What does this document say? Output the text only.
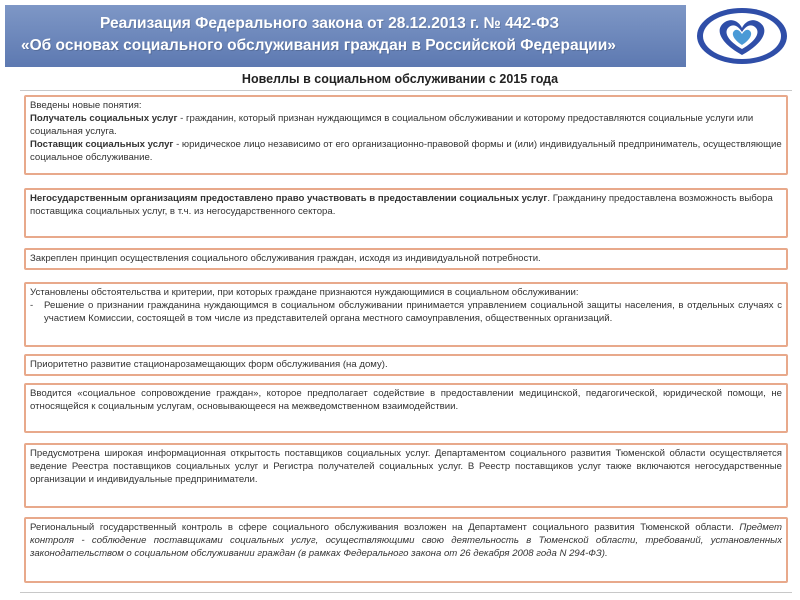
Реализация Федерального закона от 28.12.2013 г. № 442-ФЗ
«Об основах социального обслуживания граждан в Российской Федерации»
Новеллы в социальном обслуживании с 2015 года

Введены новые понятия:

Получатель социальных услуг - гражданин, который признан нуждающимся в социальном обслуживании и которому предоставляются социальные услуги или социальная услуга.

Поставщик социальных услуг - юридическое лицо независимо от его организационно-правовой формы и (или) индивидуальный предприниматель, осуществляющие социальное обслуживание.

Негосударственным организациям предоставлено право участвовать в предоставлении социальных услуг. Гражданину предоставлена возможность выбора поставщика социальных услуг, в т.ч. из негосударственного сектора.

Закреплен принцип осуществления социального обслуживания граждан, исходя из индивидуальной потребности.

Установлены обстоятельства и критерии, при которых граждане признаются нуждающимися в социальном обслуживании:

-	Решение о признании гражданина нуждающимся в социальном обслуживании принимается управлением социальной защиты населения, в отдельных случаях с участием Комиссии, состоящей в том числе из представителей органа местного самоуправления, общественных организаций.

Приоритетно развитие стационарозамещающих форм обслуживания (на дому).

Вводится «социальное сопровождение граждан», которое предполагает содействие в предоставлении медицинской, педагогической, юридической помощи, не относящейся к социальным услугам, основывающееся на межведомственном взаимодействии.

Предусмотрена широкая информационная открытость поставщиков социальных услуг. Департаментом социального развития Тюменской области осуществляется ведение Реестра поставщиков социальных услуг и Регистра получателей социальных услуг. В Реестр поставщиков услуг также включаются негосударственные организации и индивидуальные предприниматели.

Региональный государственный контроль в сфере социального обслуживания возложен на Департамент социального развития Тюменской области. Предмет контроля - соблюдение поставщиками социальных услуг, осуществляющими свою деятельность в Тюменской области, требований, установленных законодательством о социальном обслуживании граждан (в рамках Федерального закона от 26 декабря 2008 года N 294-ФЗ).
